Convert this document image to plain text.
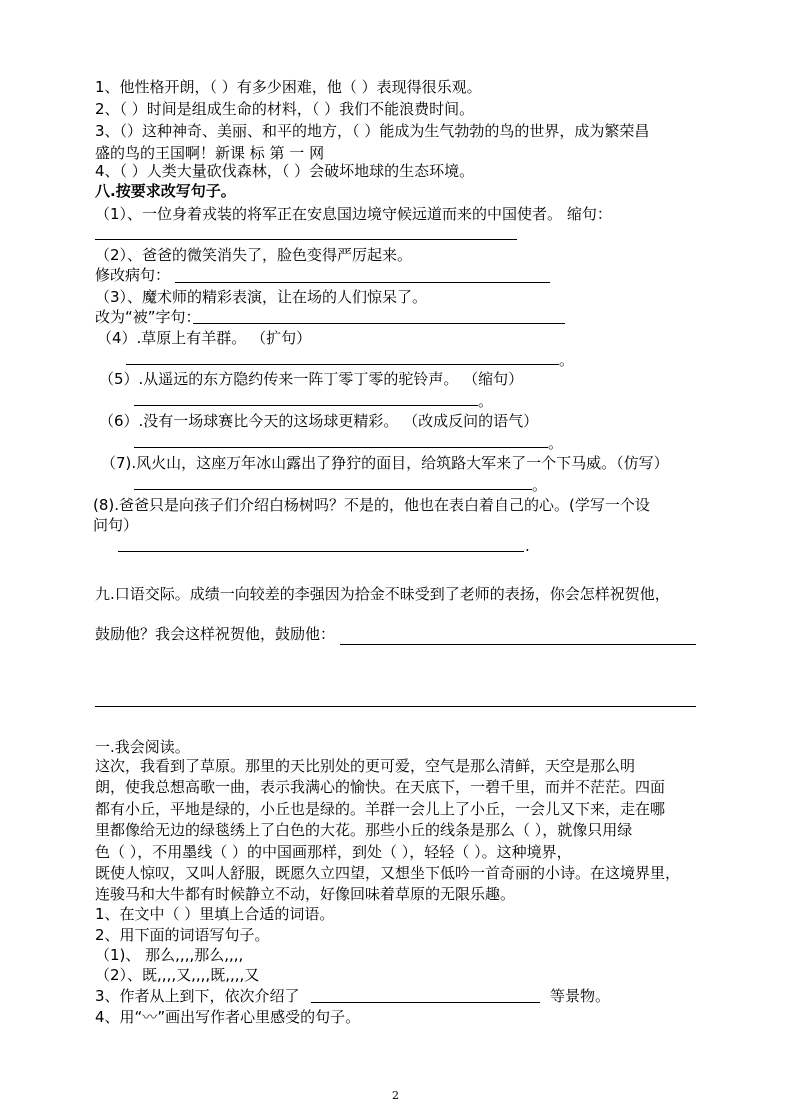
1、他性格开朗，（ ）有多少困难，他（ ）表现得很乐观。
2、（ ）时间是组成生命的材料，（ ）我们不能浪费时间。
3、（）这种神奇、美丽、和平的地方，（ ）能成为生气勃勃的鸟的世界，成为繁荣昌
盛的鸟的王国啊！新课 标 第 一 网
4、（ ）人类大量砍伐森林，（ ）会破坏地球的生态环境。
八.按要求改写句子。
（1）、一位身着戎装的将军正在安息国边境守候远道而来的中国使者。 缩句：
（2）、爸爸的微笑消失了，脸色变得严厉起来。
修改病句：
（3）、魔术师的精彩表演，让在场的人们惊呆了。
改为“被”字句：
（4）.草原上有羊群。 （扩句）
。
（5）.从遥远的东方隐约传来一阵丁零丁零的驼铃声。 （缩句）
。
（6）.没有一场球赛比今天的这场球更精彩。 （改成反问的语气）
。
（7).风火山，这座万年冰山露出了狰狞的面目，给筑路大军来了一个下马威。（仿写）
。
(8).爸爸只是向孩子们介绍白杨树吗？不是的，他也在表白着自己的心。(学写一个设
问句）
.
九.口语交际。成绩一向较差的李强因为拾金不昧受到了老师的表扬，你会怎样祝贺他，
鼓励他？我会这样祝贺他，鼓励他：
一.我会阅读。
这次，我看到了草原。那里的天比别处的更可爱，空气是那么清鲜，天空是那么明
朗，使我总想高歌一曲，表示我满心的愉快。在天底下，一碧千里，而并不茫茫。四面
都有小丘，平地是绿的，小丘也是绿的。羊群一会儿上了小丘，一会儿又下来，走在哪
里都像给无边的绿毯绣上了白色的大花。那些小丘的线条是那么（ ），就像只用绿
色（ ），不用墨线（ ）的中国画那样，到处（ ），轻轻（ ）。这种境界，
既使人惊叹，又叫人舒服，既愿久立四望，又想坐下低吟一首奇丽的小诗。在这境界里，
连骏马和大牛都有时候静立不动，好像回味着草原的无限乐趣。
1、在文中（ ）里填上合适的词语。
2、用下面的词语写句子。
（1)、 那么,,,,那么,,,,
（2）、既,,,,又,,,,既,,,,又
3、作者从上到下，依次介绍了	等景物。
4、用“〰”画出写作者心里感受的句子。
2
